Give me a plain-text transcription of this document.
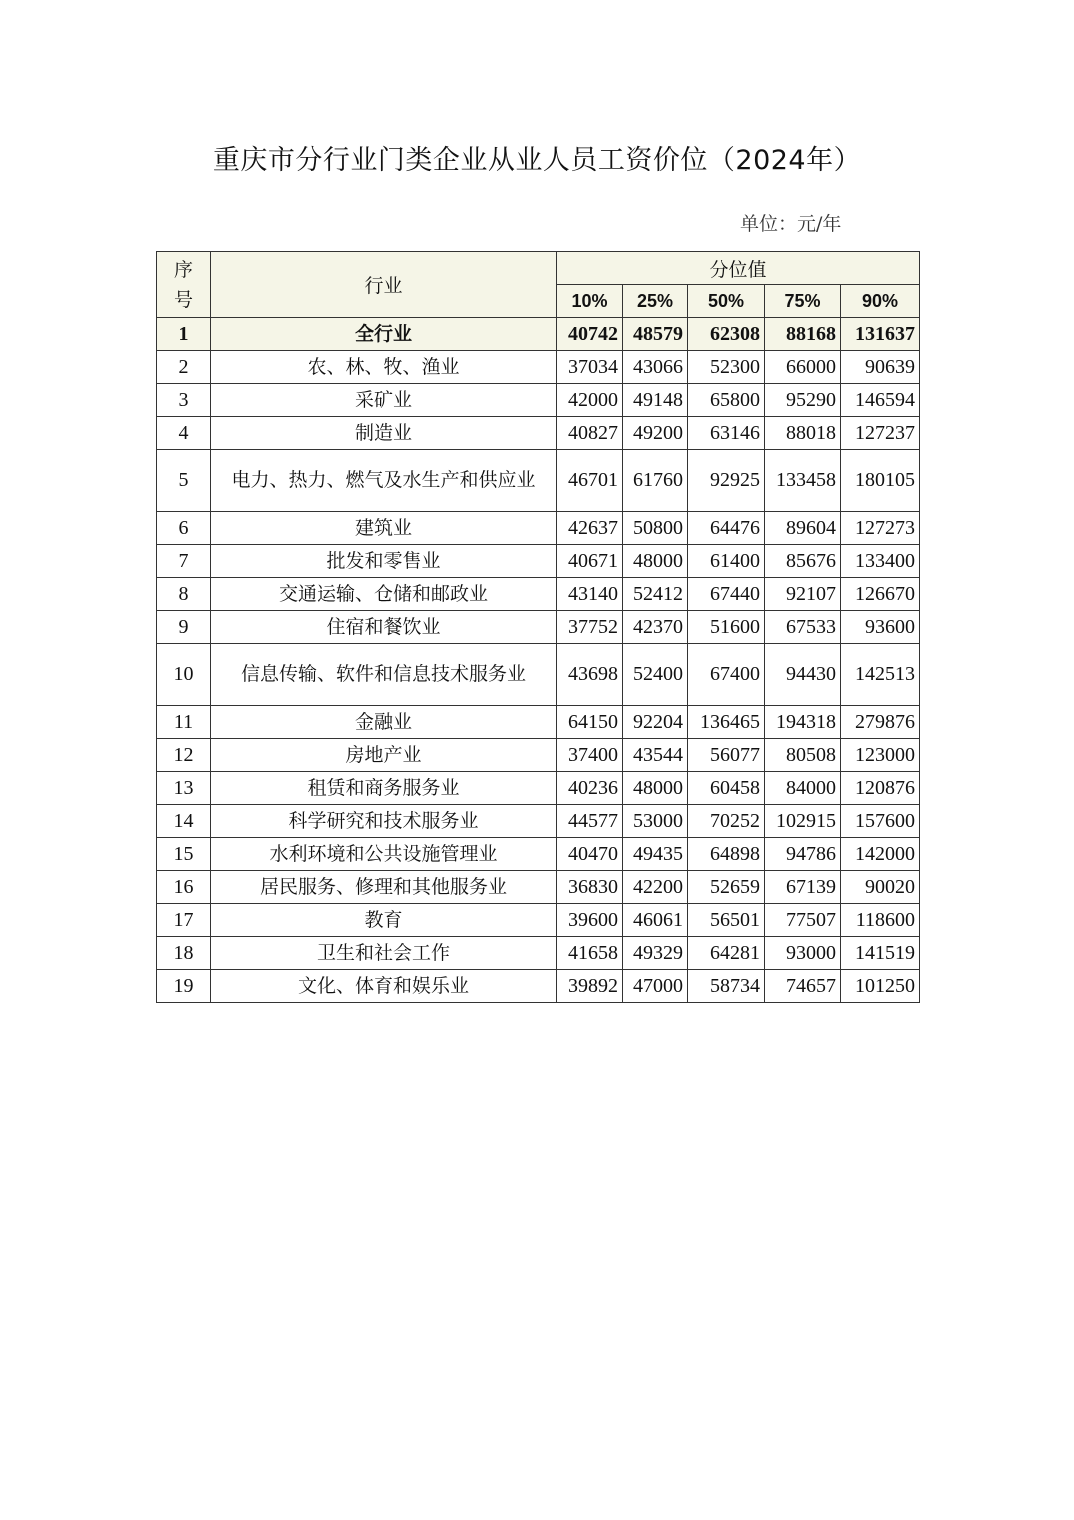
重庆市分行业门类企业从业人员工资价位（2024年）
单位：元/年
序
号	行业	分位值				
		10%	25%	50%	75%	90%
1	全行业	40742	48579	62308	88168	131637
2	农、林、牧、渔业	37034	43066	52300	66000	90639
3	采矿业	42000	49148	65800	95290	146594
4	制造业	40827	49200	63146	88018	127237
5	电力、热力、燃气及水生产和供应业	46701	61760	92925	133458	180105
6	建筑业	42637	50800	64476	89604	127273
7	批发和零售业	40671	48000	61400	85676	133400
8	交通运输、仓储和邮政业	43140	52412	67440	92107	126670
9	住宿和餐饮业	37752	42370	51600	67533	93600
10	信息传输、软件和信息技术服务业	43698	52400	67400	94430	142513
11	金融业	64150	92204	136465	194318	279876
12	房地产业	37400	43544	56077	80508	123000
13	租赁和商务服务业	40236	48000	60458	84000	120876
14	科学研究和技术服务业	44577	53000	70252	102915	157600
15	水利环境和公共设施管理业	40470	49435	64898	94786	142000
16	居民服务、修理和其他服务业	36830	42200	52659	67139	90020
17	教育	39600	46061	56501	77507	118600
18	卫生和社会工作	41658	49329	64281	93000	141519
19	文化、体育和娱乐业	39892	47000	58734	74657	101250
